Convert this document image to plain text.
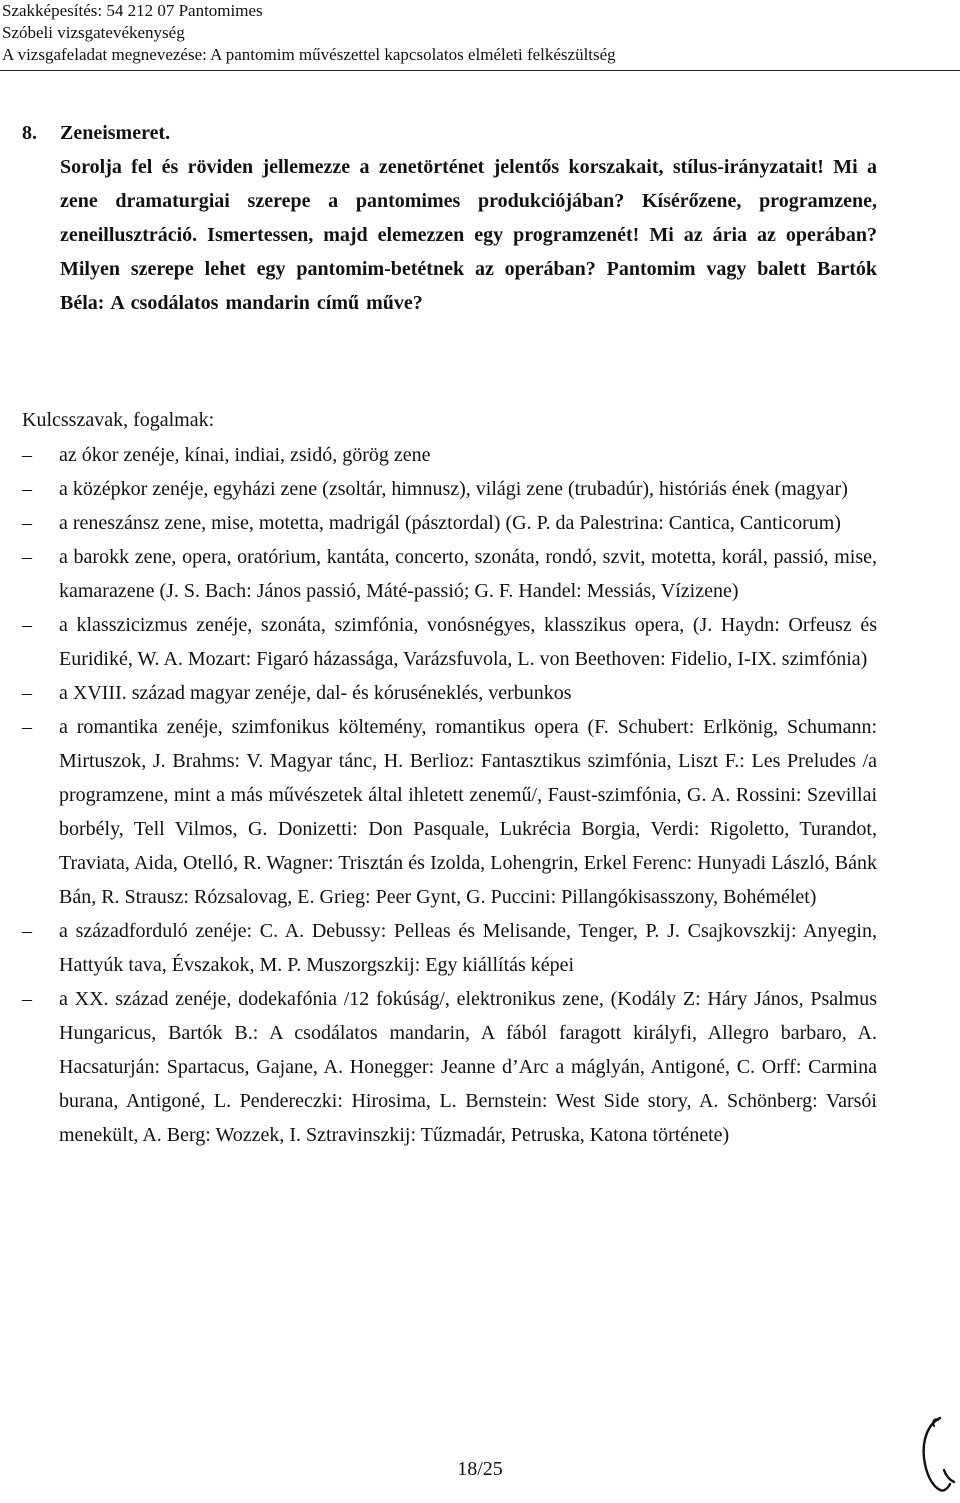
Szakképesítés: 54 212 07 Pantomimes
Szóbeli vizsgatevékenység
A vizsgafeladat megnevezése: A pantomim művészettel kapcsolatos elméleti felkészültség
8.	Zeneismeret.
Sorolja fel és röviden jellemezze a zenetörténet jelentős korszakait, stílus-irányzatait! Mi a zene dramaturgiai szerepe a pantomimes produkciójában? Kísérőzene, programzene, zeneillusztráció. Ismertessen, majd elemezzen egy programzenét! Mi az ária az operában? Milyen szerepe lehet egy pantomim-betétnek az operában? Pantomim vagy balett Bartók Béla: A csodálatos mandarin című műve?
Kulcsszavak, fogalmak:
–	az ókor zenéje, kínai, indiai, zsidó, görög zene
–	a középkor zenéje, egyházi zene (zsoltár, himnusz), világi zene (trubadúr), históriás ének (magyar)
–	a reneszánsz zene, mise, motetta, madrigál (pásztordal) (G. P. da Palestrina: Cantica, Canticorum)
–	a barokk zene, opera, oratórium, kantáta, concerto, szonáta, rondó, szvit, motetta, korál, passió, mise, kamarazene (J. S. Bach: János passió, Máté-passió; G. F. Handel: Messiás, Vízizene)
–	a klasszicizmus zenéje, szonáta, szimfónia, vonósnégyes, klasszikus opera, (J. Haydn: Orfeusz és Euridiké, W. A. Mozart: Figaró házassága, Varázsfuvola, L. von Beethoven: Fidelio, I-IX. szimfónia)
–	a XVIII. század magyar zenéje, dal- és kóruséneklés, verbunkos
–	a romantika zenéje, szimfonikus költemény, romantikus opera (F. Schubert: Erlkönig, Schumann: Mirtuszok, J. Brahms: V. Magyar tánc, H. Berlioz: Fantasztikus szimfónia, Liszt F.: Les Preludes /a programzene, mint a más művészetek által ihletett zenemű/, Faust-szimfónia, G. A. Rossini: Szevillai borbély, Tell Vilmos, G. Donizetti: Don Pasquale, Lukrécia Borgia, Verdi: Rigoletto, Turandot, Traviata, Aida, Otelló, R. Wagner: Trisztán és Izolda, Lohengrin, Erkel Ferenc: Hunyadi László, Bánk Bán, R. Strausz: Rózsalovag, E. Grieg: Peer Gynt, G. Puccini: Pillangókisasszony, Bohémélet)
–	a századforduló zenéje: C. A. Debussy: Pelleas és Melisande, Tenger, P. J. Csajkovszkij: Anyegin, Hattyúk tava, Évszakok, M. P. Muszorgszkij: Egy kiállítás képei
–	a XX. század zenéje, dodekafónia /12 fokúság/, elektronikus zene, (Kodály Z: Háry János, Psalmus Hungaricus, Bartók B.: A csodálatos mandarin, A fából faragott királyfi, Allegro barbaro, A. Hacsaturján: Spartacus, Gajane, A. Honegger: Jeanne d’Arc a máglyán, Antigoné, C. Orff: Carmina burana, Antigoné, L. Pendereczki: Hirosima, L. Bernstein: West Side story, A. Schönberg: Varsói menekült, A. Berg: Wozzek, I. Sztravinszkij: Tűzmadár, Petruska, Katona története)
18/25
